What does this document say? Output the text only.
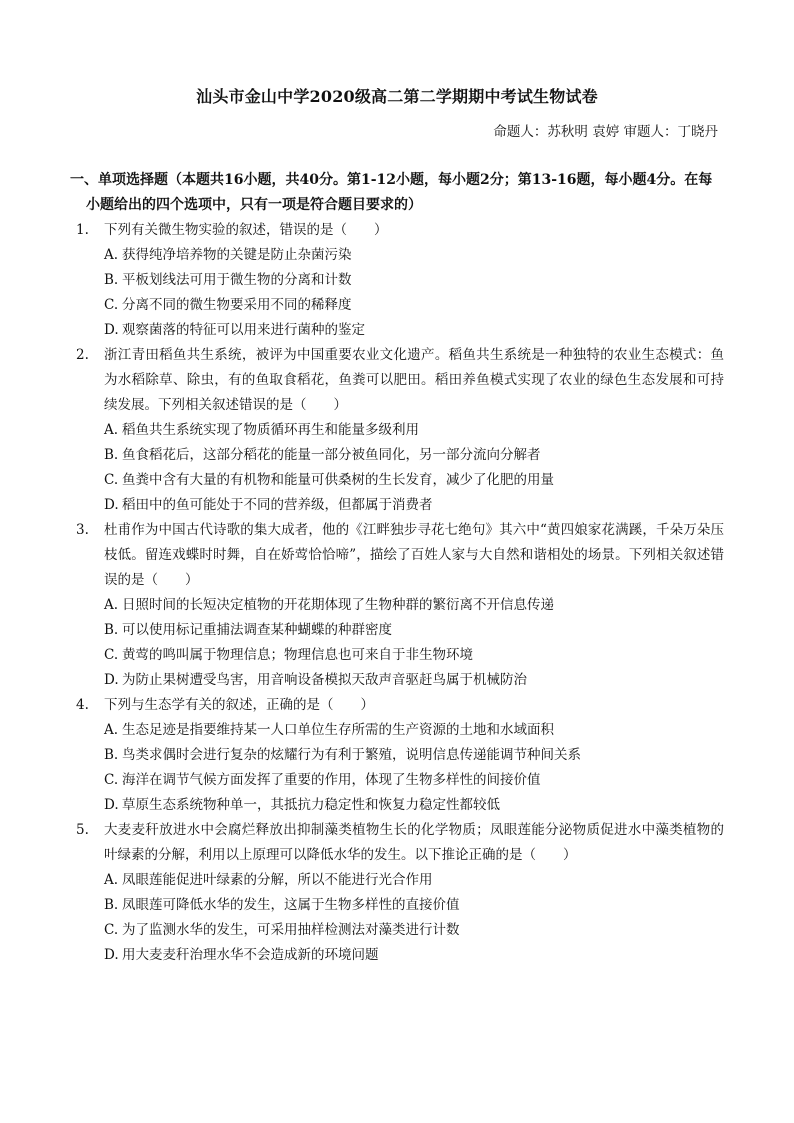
汕头市金山中学2020级高二第二学期期中考试生物试卷
命题人：苏秋明 袁婷 审题人：丁晓丹
一、单项选择题（本题共16小题，共40分。第1-12小题，每小题2分；第13-16题，每小题4分。在每小题给出的四个选项中，只有一项是符合题目要求的）

1. 下列有关微生物实验的叙述，错误的是（　　）

A. 获得纯净培养物的关键是防止杂菌污染
B. 平板划线法可用于微生物的分离和计数
C. 分离不同的微生物要采用不同的稀释度
D. 观察菌落的特征可以用来进行菌种的鉴定

2. 浙江青田稻鱼共生系统，被评为中国重要农业文化遗产。稻鱼共生系统是一种独特的农业生态模式：鱼为水稻除草、除虫，有的鱼取食稻花，鱼粪可以肥田。稻田养鱼模式实现了农业的绿色生态发展和可持续发展。下列相关叙述错误的是（　　）

A. 稻鱼共生系统实现了物质循环再生和能量多级利用
B. 鱼食稻花后，这部分稻花的能量一部分被鱼同化，另一部分流向分解者
C. 鱼粪中含有大量的有机物和能量可供桑树的生长发育，减少了化肥的用量
D. 稻田中的鱼可能处于不同的营养级，但都属于消费者

3. 杜甫作为中国古代诗歌的集大成者，他的《江畔独步寻花七绝句》其六中“黄四娘家花满蹊，千朵万朵压枝低。留连戏蝶时时舞，自在娇莺恰恰啼”，描绘了百姓人家与大自然和谐相处的场景。下列相关叙述错误的是（　　）

A. 日照时间的长短决定植物的开花期体现了生物种群的繁衍离不开信息传递
B. 可以使用标记重捕法调查某种蝴蝶的种群密度
C. 黄莺的鸣叫属于物理信息；物理信息也可来自于非生物环境
D. 为防止果树遭受鸟害，用音响设备模拟天敌声音驱赶鸟属于机械防治

4. 下列与生态学有关的叙述，正确的是（　　）

A. 生态足迹是指要维持某一人口单位生存所需的生产资源的土地和水域面积
B. 鸟类求偶时会进行复杂的炫耀行为有利于繁殖，说明信息传递能调节种间关系
C. 海洋在调节气候方面发挥了重要的作用，体现了生物多样性的间接价值
D. 草原生态系统物种单一，其抵抗力稳定性和恢复力稳定性都较低

5. 大麦麦秆放进水中会腐烂释放出抑制藻类植物生长的化学物质；凤眼莲能分泌物质促进水中藻类植物的叶绿素的分解，利用以上原理可以降低水华的发生。以下推论正确的是（　　）

A. 凤眼莲能促进叶绿素的分解，所以不能进行光合作用
B. 凤眼莲可降低水华的发生，这属于生物多样性的直接价值
C. 为了监测水华的发生，可采用抽样检测法对藻类进行计数
D. 用大麦麦秆治理水华不会造成新的环境问题
